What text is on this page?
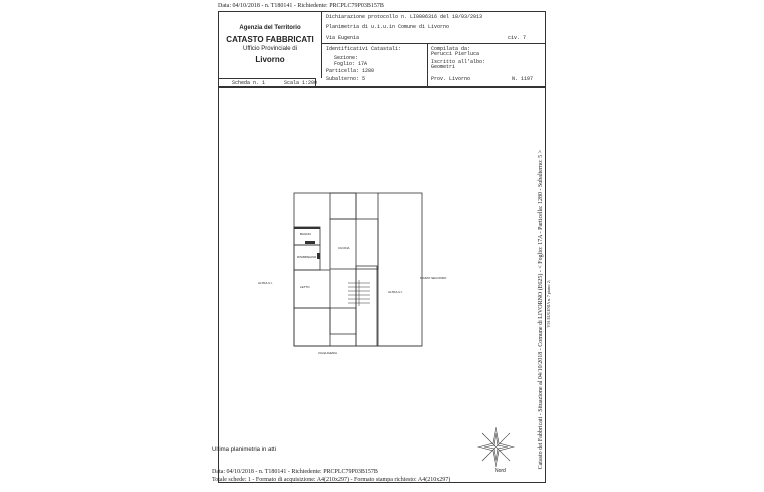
Data: 04/10/2018 - n. T180141 - Richiedente: PRCPLC79P03B157B
Agenzia del Territorio
CATASTO FABBRICATI
Ufficio Provinciale di
Livorno
Dichiarazione protocollo n. LI0006316 del 18/03/2013
Planimetria di u.i.u.in Comune di Livorno
Via Eugenia	civ. 7
Identificativi Catastali:
Sezione:
Foglio: 17A
Particella: 1280
Subalterno: 5
Compilata da:
Perucci Pierluca
Iscritto all'albo:
Geometri
Prov. Livorno	N. 1197
Scheda n. 1	Scala 1:200
BAGNO
CUCINA
DISIMPEGNO
LETTO
ALTRA U.I.
ALTRA U.I.
POZZO SECONDO
VIA EUGENIA
Ultima planimetria in atti
Data: 04/10/2018 - n. T180141 - Richiedente: PRCPLC79P03B157B
Totale schede: 1 - Formato di acquisizione: A4(210x297) - Formato stampa richiesto: A4(210x297)
Nord
Catasto dei Fabbricati - Situazione al 04/10/2018 - Comune di LIVORNO (E625) - < Foglio: 17A - Particella: 1280 - Subalterno: 5 > VIA EUGENIA n. 7 piano: 2;
